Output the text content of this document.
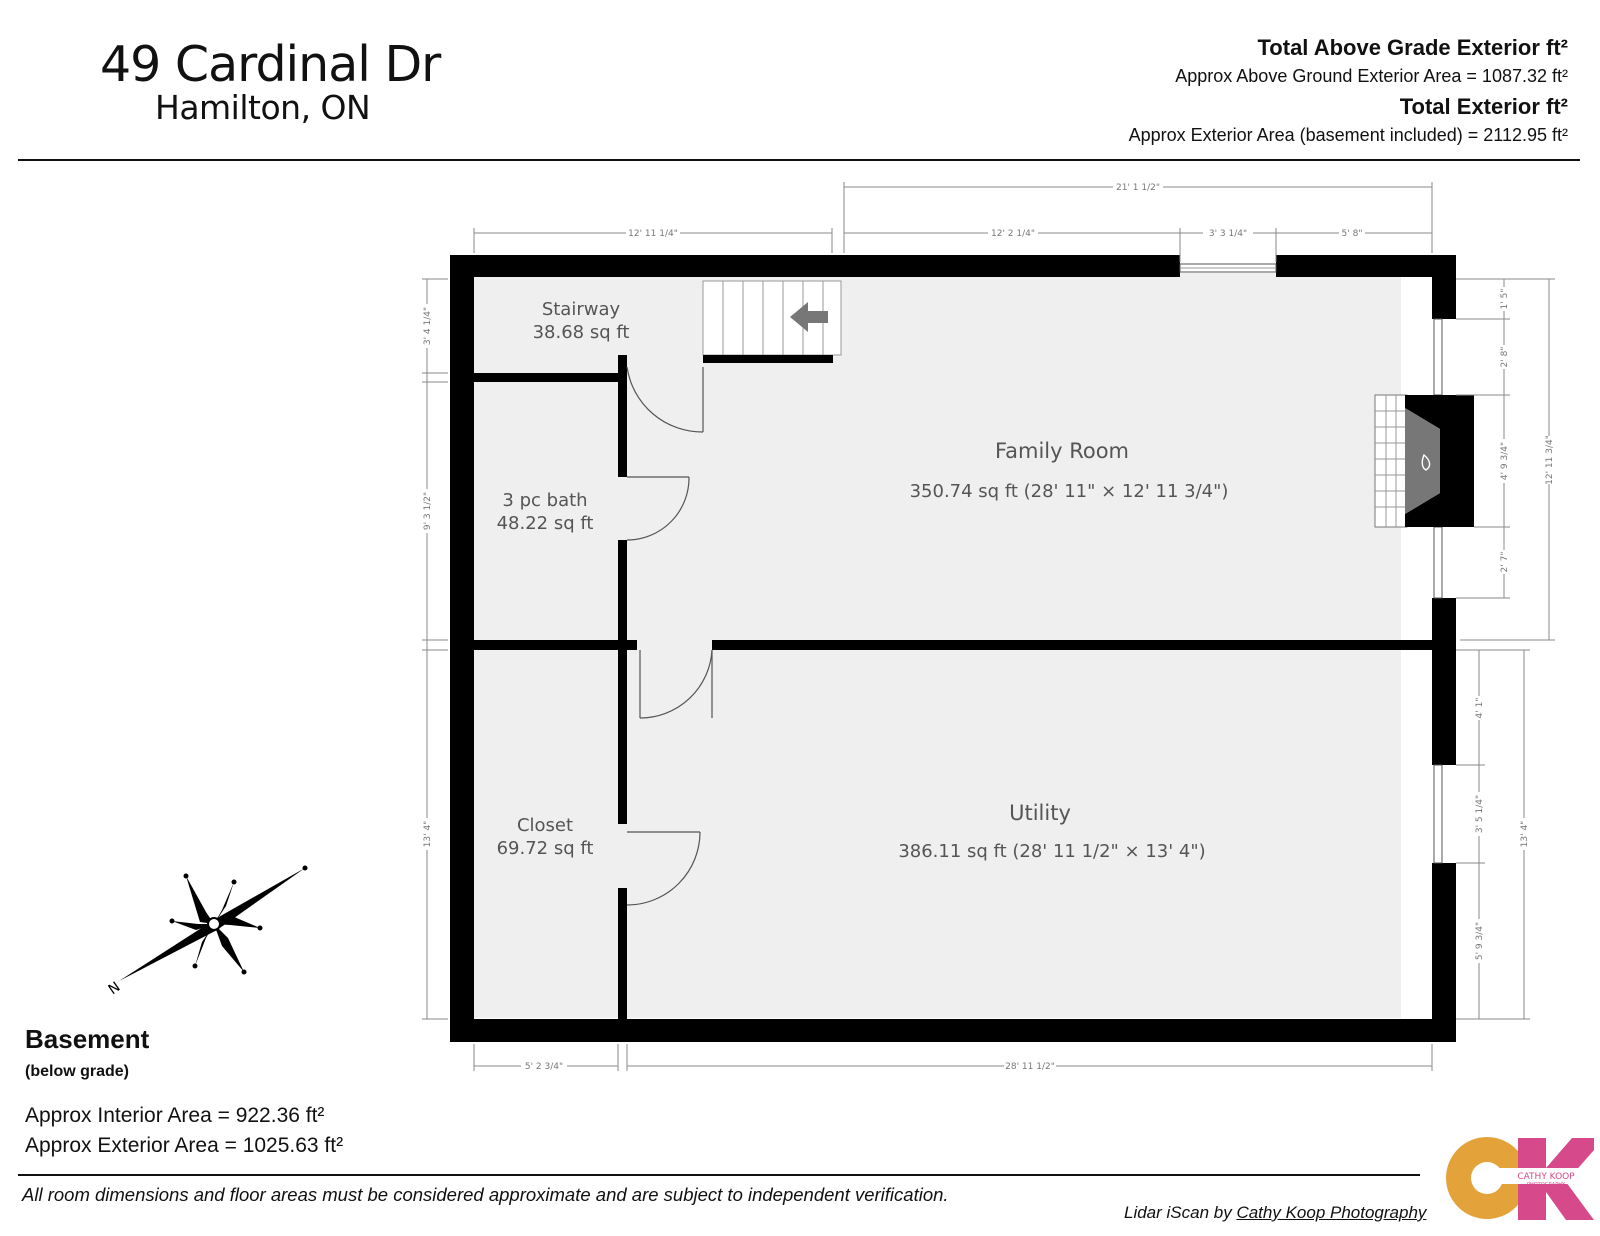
49 Cardinal Dr
Hamilton, ON
Total Above Grade Exterior ft²
Approx Above Ground Exterior Area = 1087.32 ft²
Total Exterior ft²
Approx Exterior Area (basement included) = 2112.95 ft²
Stairway
38.68 sq ft
3 pc bath
48.22 sq ft
Closet
69.72 sq ft
Family Room
350.74 sq ft (28' 11" × 12' 11 3/4")
Utility
386.11 sq ft (28' 11 1/2" × 13' 4")
21' 1 1/2"
12' 11 1/4"	12' 2 1/4"	3' 3 1/4"	5' 8"
3' 4 1/4"
9' 3 1/2"
13' 4"
1' 5"
2' 8"
4' 9 3/4"
2' 7"
12' 11 3/4"
4' 1"
3' 5 1/4"
5' 9 3/4"
13' 4"
5' 2 3/4"	28' 11 1/2"
N
CATHY KOOP
PHOTOGRAPHY
Basement
(below grade)
Approx Interior Area = 922.36 ft²
Approx Exterior Area = 1025.63 ft²
All room dimensions and floor areas must be considered approximate and are subject to independent verification.
Lidar iScan by Cathy Koop Photography
